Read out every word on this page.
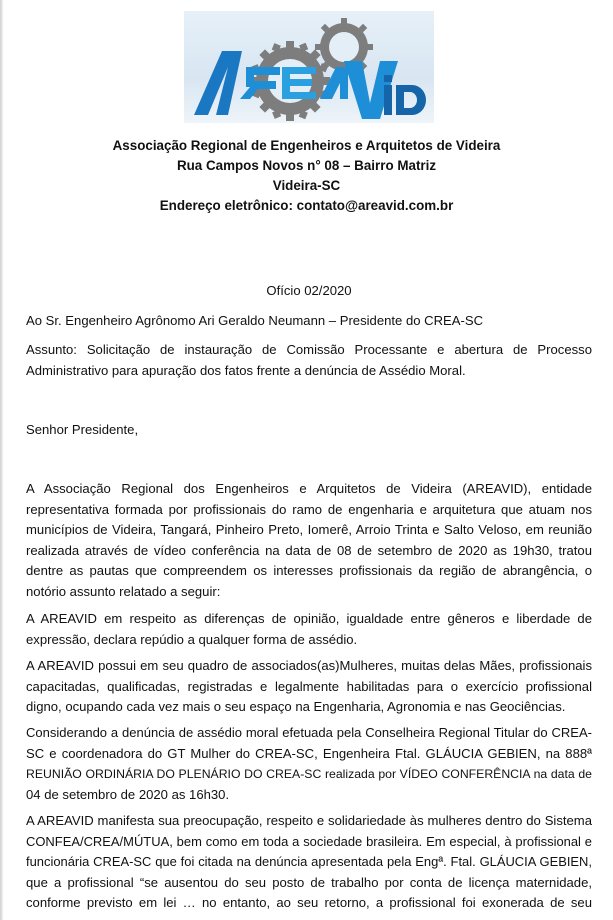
Associação Regional de Engenheiros e Arquitetos de Videira
Rua Campos Novos n° 08 – Bairro Matriz
Videira-SC
Endereço eletrônico: contato@areavid.com.br
Ofício 02/2020
Ao Sr. Engenheiro Agrônomo Ari Geraldo Neumann – Presidente do CREA-SC
Assunto: Solicitação de instauração de Comissão Processante e abertura de Processo
Administrativo para apuração dos fatos frente a denúncia de Assédio Moral.
Senhor Presidente,
A Associação Regional dos Engenheiros e Arquitetos de Videira (AREAVID), entidade
representativa formada por profissionais do ramo de engenharia e arquitetura que atuam nos
municípios de Videira, Tangará, Pinheiro Preto, Iomerê, Arroio Trinta e Salto Veloso, em reunião
realizada através de vídeo conferência na data de 08 de setembro de 2020 as 19h30, tratou
dentre as pautas que compreendem os interesses profissionais da região de abrangência, o
notório assunto relatado a seguir:
A AREAVID em respeito as diferenças de opinião, igualdade entre gêneros e liberdade de
expressão, declara repúdio a qualquer forma de assédio.
A AREAVID possui em seu quadro de associados(as)Mulheres, muitas delas Mães, profissionais
capacitadas, qualificadas, registradas e legalmente habilitadas para o exercício profissional
digno, ocupando cada vez mais o seu espaço na Engenharia, Agronomia e nas Geociências.
Considerando a denúncia de assédio moral efetuada pela Conselheira Regional Titular do CREA-
SC e coordenadora do GT Mulher do CREA-SC, Engenheira Ftal. GLÁUCIA GEBIEN, na 888ª
REUNIÃO ORDINÁRIA DO PLENÁRIO DO CREA-SC realizada por VÍDEO CONFERÊNCIA na data de
04 de setembro de 2020 as 16h30.
A AREAVID manifesta sua preocupação, respeito e solidariedade às mulheres dentro do Sistema
CONFEA/CREA/MÚTUA, bem como em toda a sociedade brasileira. Em especial, à profissional e
funcionária CREA-SC que foi citada na denúncia apresentada pela Engª. Ftal. GLÁUCIA GEBIEN,
que a profissional “se ausentou do seu posto de trabalho por conta de licença maternidade,
conforme previsto em lei … no entanto, ao seu retorno, a profissional foi exonerada de seu
